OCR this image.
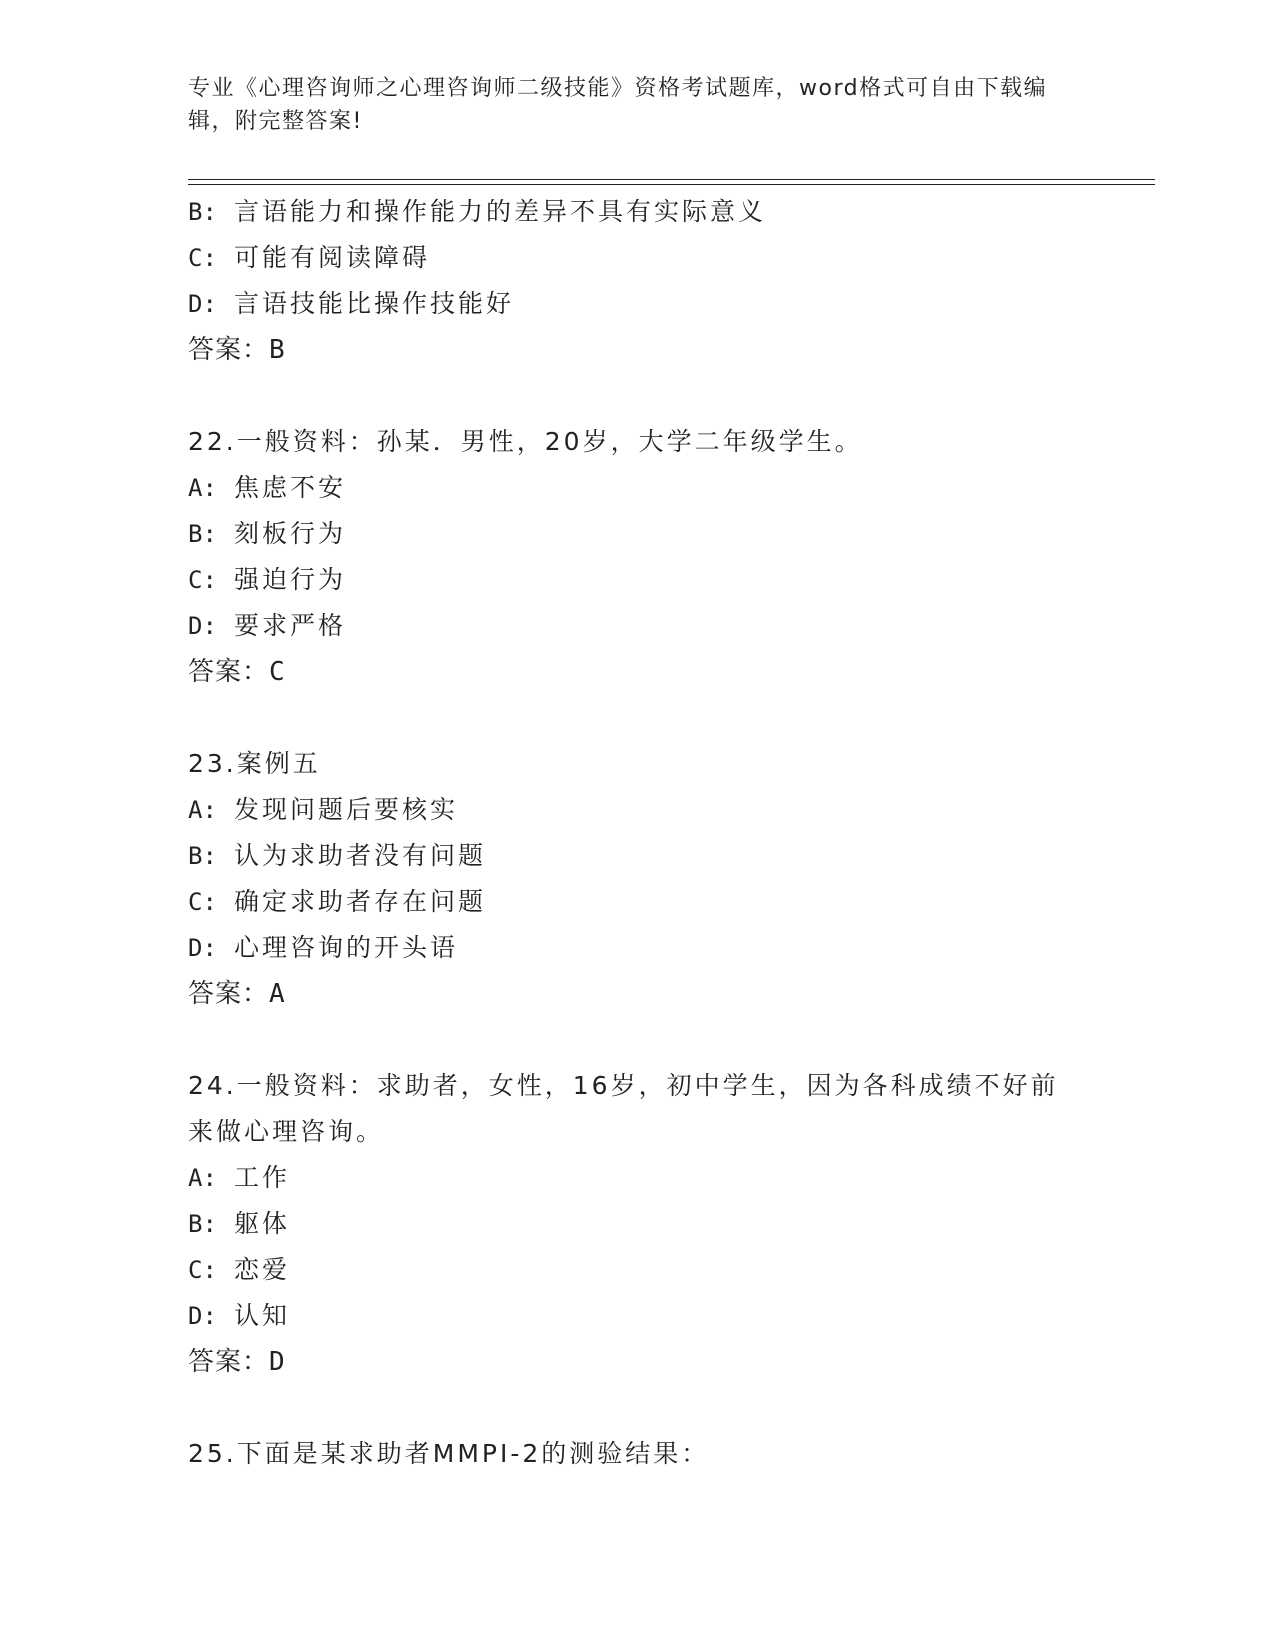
专业《心理咨询师之心理咨询师二级技能》资格考试题库，word格式可自由下载编辑，附完整答案!
B: 言语能力和操作能力的差异不具有实际意义
C: 可能有阅读障碍
D: 言语技能比操作技能好
答案：B
22.一般资料：孙某．男性，20岁，大学二年级学生。
A: 焦虑不安
B: 刻板行为
C: 强迫行为
D: 要求严格
答案：C
23.案例五
A: 发现问题后要核实
B: 认为求助者没有问题
C: 确定求助者存在问题
D: 心理咨询的开头语
答案：A
24.一般资料：求助者，女性，16岁，初中学生，因为各科成绩不好前
来做心理咨询。
A: 工作
B: 躯体
C: 恋爱
D: 认知
答案：D
25.下面是某求助者MMPI-2的测验结果：
